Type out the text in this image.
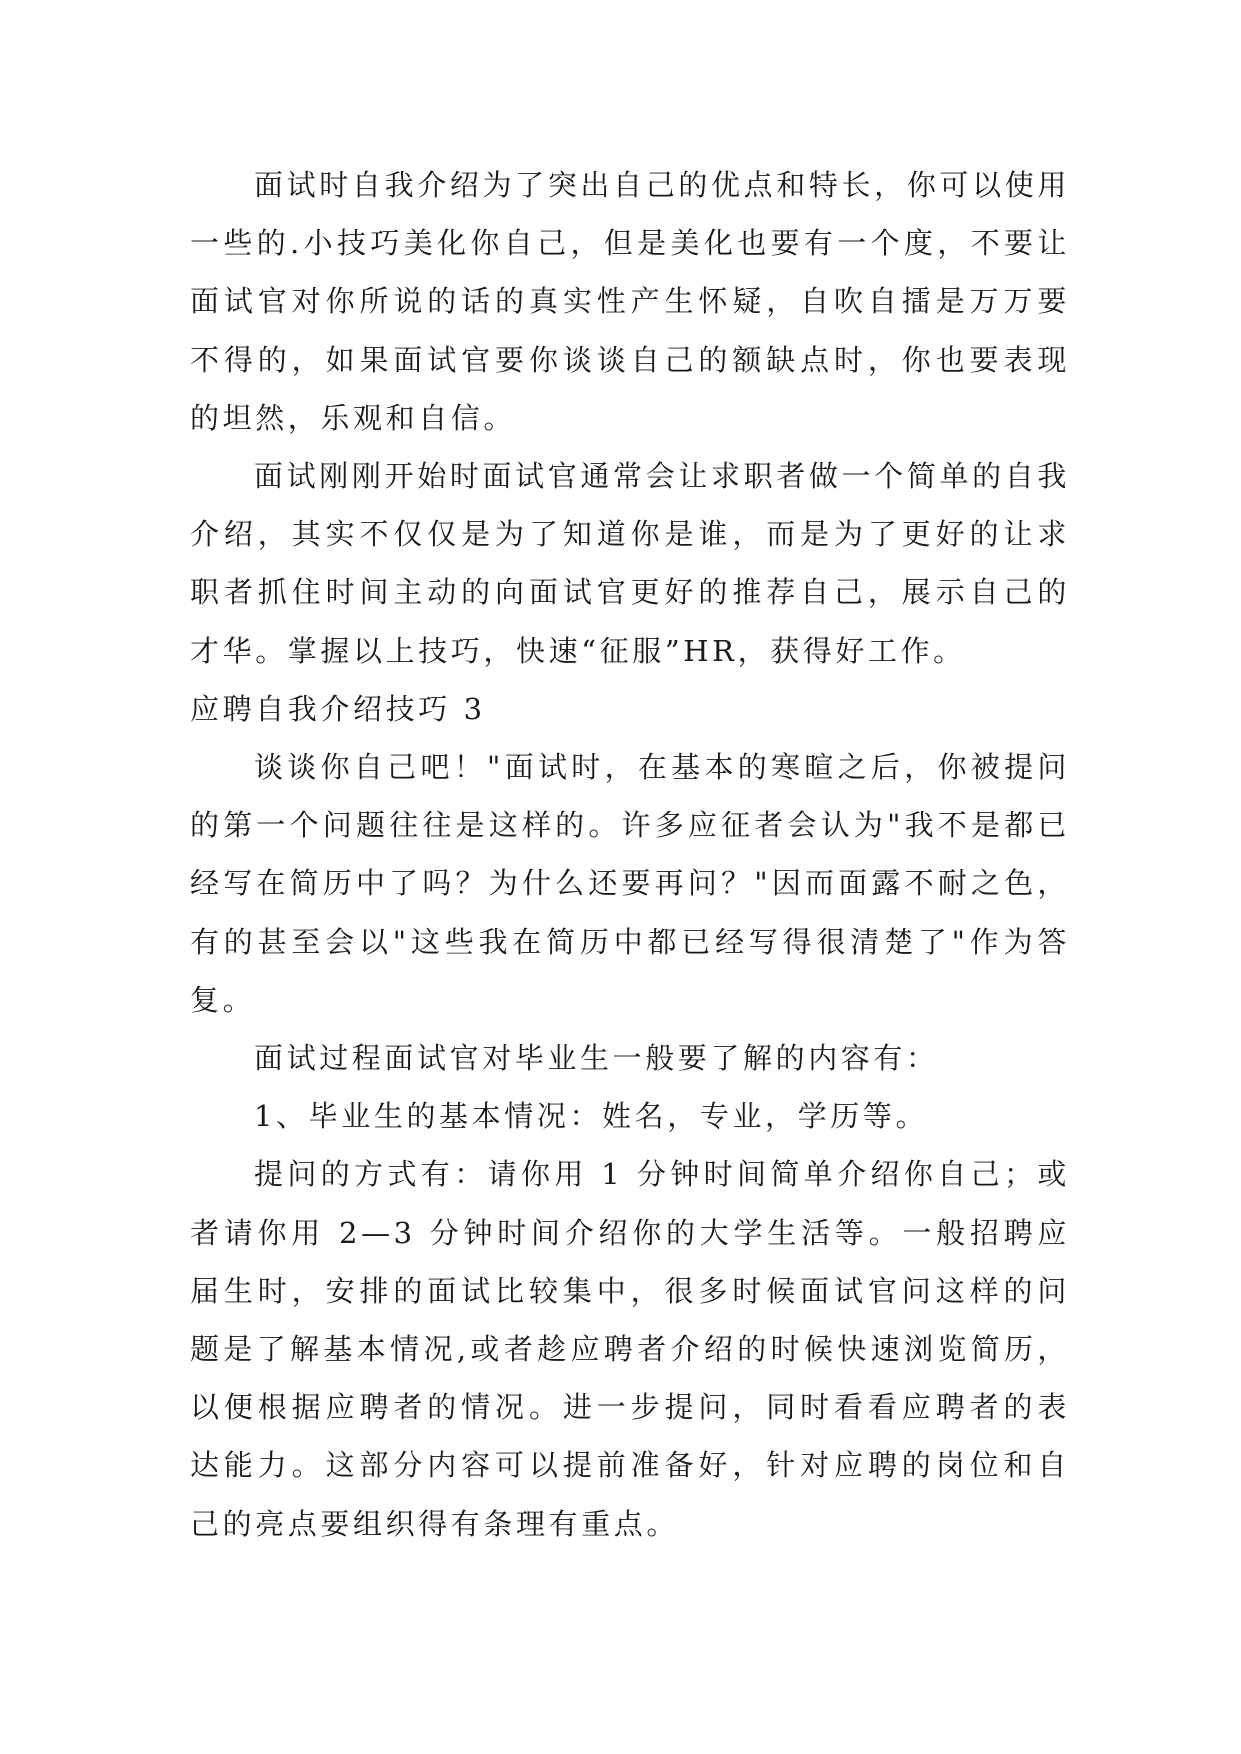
面试时自我介绍为了突出自己的优点和特长，你可以使用一些的.小技巧美化你自己，但是美化也要有一个度，不要让面试官对你所说的话的真实性产生怀疑，自吹自擂是万万要不得的，如果面试官要你谈谈自己的额缺点时，你也要表现的坦然，乐观和自信。

面试刚刚开始时面试官通常会让求职者做一个简单的自我介绍，其实不仅仅是为了知道你是谁，而是为了更好的让求职者抓住时间主动的向面试官更好的推荐自己，展示自己的才华。掌握以上技巧，快速“征服”HR，获得好工作。

应聘自我介绍技巧 3

谈谈你自己吧！"面试时，在基本的寒暄之后，你被提问的第一个问题往往是这样的。许多应征者会认为"我不是都已经写在简历中了吗？为什么还要再问？"因而面露不耐之色，有的甚至会以"这些我在简历中都已经写得很清楚了"作为答复。

面试过程面试官对毕业生一般要了解的内容有：

1、毕业生的基本情况：姓名，专业，学历等。

提问的方式有：请你用 1 分钟时间简单介绍你自己；或者请你用 2—3 分钟时间介绍你的大学生活等。一般招聘应届生时，安排的面试比较集中，很多时候面试官问这样的问题是了解基本情况,或者趁应聘者介绍的时候快速浏览简历，以便根据应聘者的情况。进一步提问，同时看看应聘者的表达能力。这部分内容可以提前准备好，针对应聘的岗位和自己的亮点要组织得有条理有重点。
